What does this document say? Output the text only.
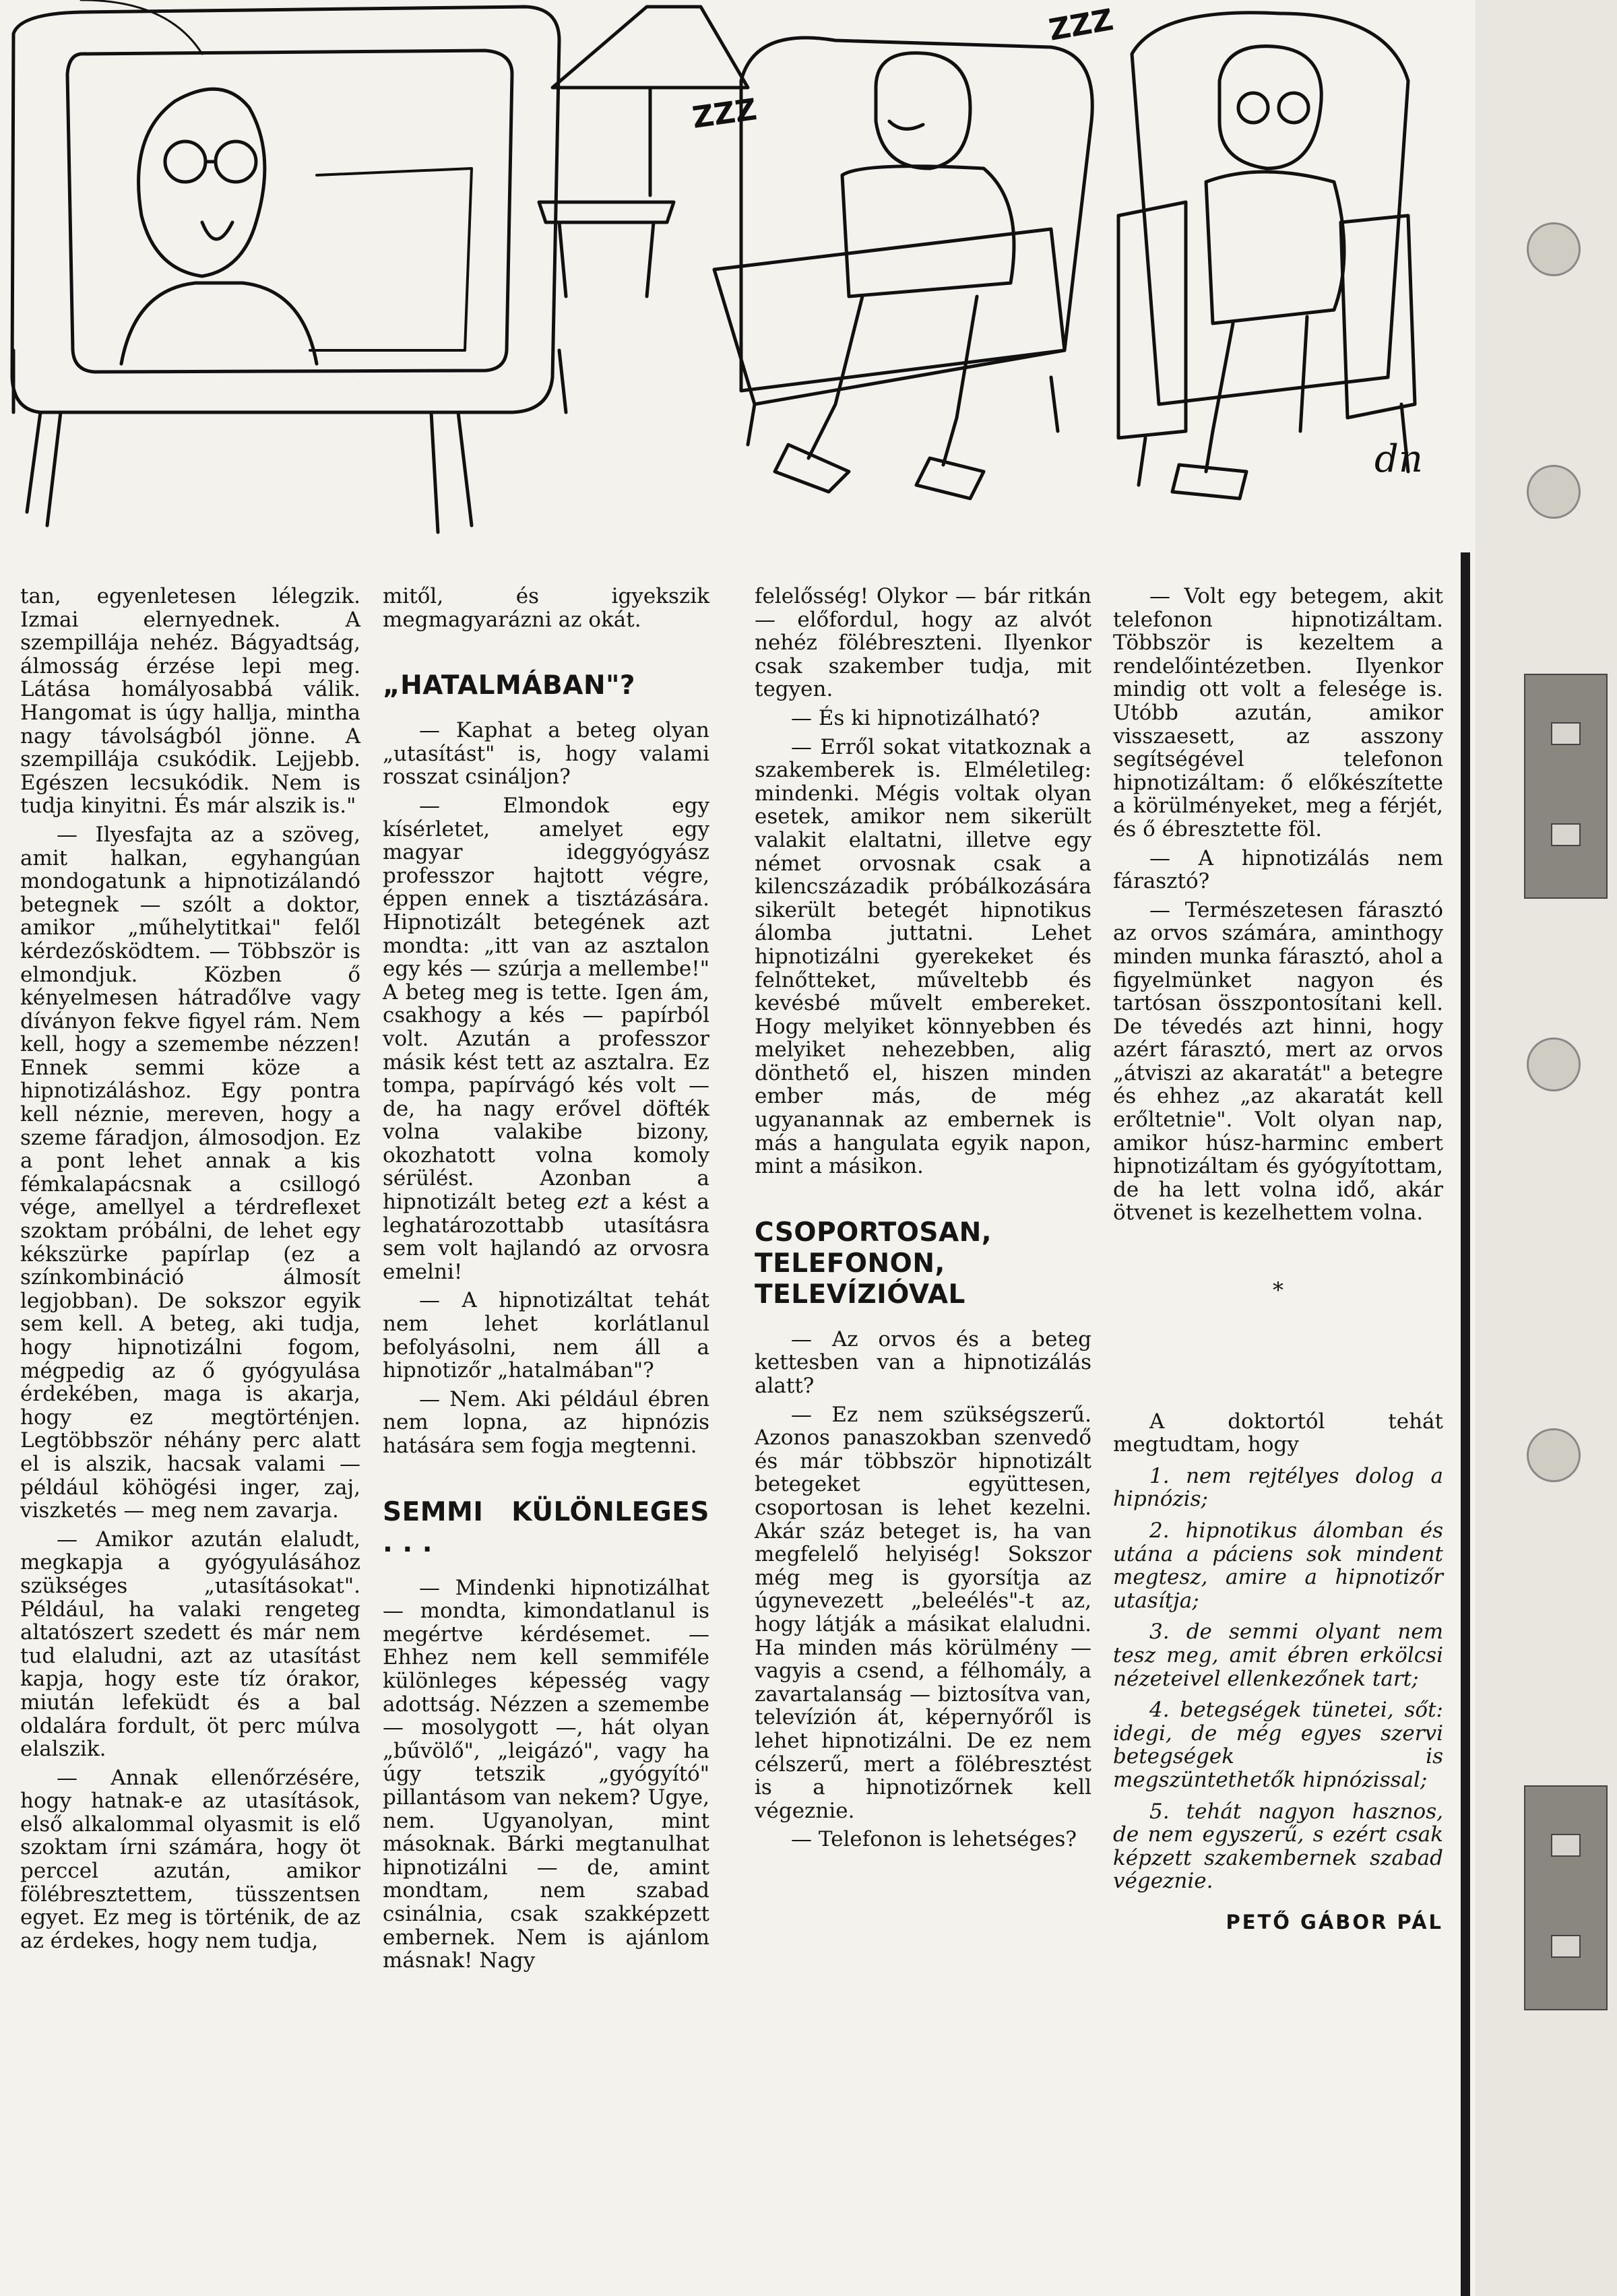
ZZZ
ZZZ
dn

tan, egyenletesen lélegzik. Izmai elernyednek. A szempillája nehéz. Bágyadtság, álmosság érzése lepi meg. Látása homályosabbá válik. Hangomat is úgy hallja, mintha nagy távolságból jönne. A szempillája csukódik. Lejjebb. Egészen lecsukódik. Nem is tudja kinyitni. És már alszik is."

— Ilyesfajta az a szöveg, amit halkan, egyhangúan mondogatunk a hipnotizálandó betegnek — szólt a doktor, amikor „műhelytitkai" felől kérdezősködtem. — Többször is elmondjuk. Közben ő kényelmesen hátradőlve vagy díványon fekve figyel rám. Nem kell, hogy a szemembe nézzen! Ennek semmi köze a hipnotizáláshoz. Egy pontra kell néznie, mereven, hogy a szeme fáradjon, álmosodjon. Ez a pont lehet annak a kis fémkalapácsnak a csillogó vége, amellyel a térdreflexet szoktam próbálni, de lehet egy kékszürke papírlap (ez a színkombináció álmosít legjobban). De sokszor egyik sem kell. A beteg, aki tudja, hogy hipnotizálni fogom, mégpedig az ő gyógyulása érdekében, maga is akarja, hogy ez megtörténjen. Legtöbbször néhány perc alatt el is alszik, hacsak valami — például köhögési inger, zaj, viszketés — meg nem zavarja.

— Amikor azután elaludt, megkapja a gyógyulásához szükséges „utasításokat". Például, ha valaki rengeteg altatószert szedett és már nem tud elaludni, azt az utasítást kapja, hogy este tíz órakor, miután lefeküdt és a bal oldalára fordult, öt perc múlva elalszik.

— Annak ellenőrzésére, hogy hatnak-e az utasítások, első alkalommal olyasmit is elő szoktam írni számára, hogy öt perccel azután, amikor fölébresztettem, tüsszentsen egyet. Ez meg is történik, de az az érdekes, hogy nem tudja,

mitől, és igyekszik megmagyarázni az okát.

„HATALMÁBAN"?

— Kaphat a beteg olyan „utasítást" is, hogy valami rosszat csináljon?

— Elmondok egy kísérletet, amelyet egy magyar ideggyógyász professzor hajtott végre, éppen ennek a tisztázására. Hipnotizált betegének azt mondta: „itt van az asztalon egy kés — szúrja a mellembe!" A beteg meg is tette. Igen ám, csakhogy a kés — papírból volt. Azután a professzor másik kést tett az asztalra. Ez tompa, papírvágó kés volt — de, ha nagy erővel döfték volna valakibe bizony, okozhatott volna komoly sérülést. Azonban a hipnotizált beteg ezt a kést a leghatározottabb utasításra sem volt hajlandó az orvosra emelni!

— A hipnotizáltat tehát nem lehet korlátlanul befolyásolni, nem áll a hipnotizőr „hatalmában"?

— Nem. Aki például ébren nem lopna, az hipnózis hatására sem fogja megtenni.

SEMMI KÜLÖNLEGES . . .

— Mindenki hipnotizálhat — mondta, kimondatlanul is megértve kérdésemet. — Ehhez nem kell semmiféle különleges képesség vagy adottság. Nézzen a szemembe — mosolygott —, hát olyan „bűvölő", „leigázó", vagy ha úgy tetszik „gyógyító" pillantásom van nekem? Ugye, nem. Ugyanolyan, mint másoknak. Bárki megtanulhat hipnotizálni — de, amint mondtam, nem szabad csinálnia, csak szakképzett embernek. Nem is ajánlom másnak! Nagy

felelősség! Olykor — bár ritkán — előfordul, hogy az alvót nehéz fölébreszteni. Ilyenkor csak szakember tudja, mit tegyen.

— És ki hipnotizálható?

— Erről sokat vitatkoznak a szakemberek is. Elméletileg: mindenki. Mégis voltak olyan esetek, amikor nem sikerült valakit elaltatni, illetve egy német orvosnak csak a kilencszázadik próbálkozására sikerült betegét hipnotikus álomba juttatni. Lehet hipnotizálni gyerekeket és felnőtteket, műveltebb és kevésbé művelt embereket. Hogy melyiket könnyebben és melyiket nehezebben, alig dönthető el, hiszen minden ember más, de még ugyanannak az embernek is más a hangulata egyik napon, mint a másikon.

CSOPORTOSAN, TELEFONON, TELEVÍZIÓVAL

— Az orvos és a beteg kettesben van a hipnotizálás alatt?

— Ez nem szükségszerű. Azonos panaszokban szenvedő és már többször hipnotizált betegeket együttesen, csoportosan is lehet kezelni. Akár száz beteget is, ha van megfelelő helyiség! Sokszor még meg is gyorsítja az úgynevezett „beleélés"-t az, hogy látják a másikat elaludni. Ha minden más körülmény — vagyis a csend, a félhomály, a zavartalanság — biztosítva van, televízión át, képernyőről is lehet hipnotizálni. De ez nem célszerű, mert a fölébresztést is a hipnotizőrnek kell végeznie.

— Telefonon is lehetséges?

— Volt egy betegem, akit telefonon hipnotizáltam. Többször is kezeltem a rendelőintézetben. Ilyenkor mindig ott volt a felesége is. Utóbb azután, amikor visszaesett, az asszony segítségével telefonon hipnotizáltam: ő előkészítette a körülményeket, meg a férjét, és ő ébresztette föl.

— A hipnotizálás nem fárasztó?

— Természetesen fárasztó az orvos számára, aminthogy minden munka fárasztó, ahol a figyelmünket nagyon és tartósan összpontosítani kell. De tévedés azt hinni, hogy azért fárasztó, mert az orvos „átviszi az akaratát" a betegre és ehhez „az akaratát kell erőltetnie". Volt olyan nap, amikor húsz-harminc embert hipnotizáltam és gyógyítottam, de ha lett volna idő, akár ötvenet is kezelhettem volna.

*

A doktortól tehát megtudtam, hogy

1. nem rejtélyes dolog a hipnózis;

2. hipnotikus álomban és utána a páciens sok mindent megtesz, amire a hipnotizőr utasítja;

3. de semmi olyant nem tesz meg, amit ébren erkölcsi nézeteivel ellenkezőnek tart;

4. betegségek tünetei, sőt: idegi, de még egyes szervi betegségek is megszüntethetők hipnózissal;

5. tehát nagyon hasznos, de nem egyszerű, s ezért csak képzett szakembernek szabad végeznie.

PETŐ GÁBOR PÁL
